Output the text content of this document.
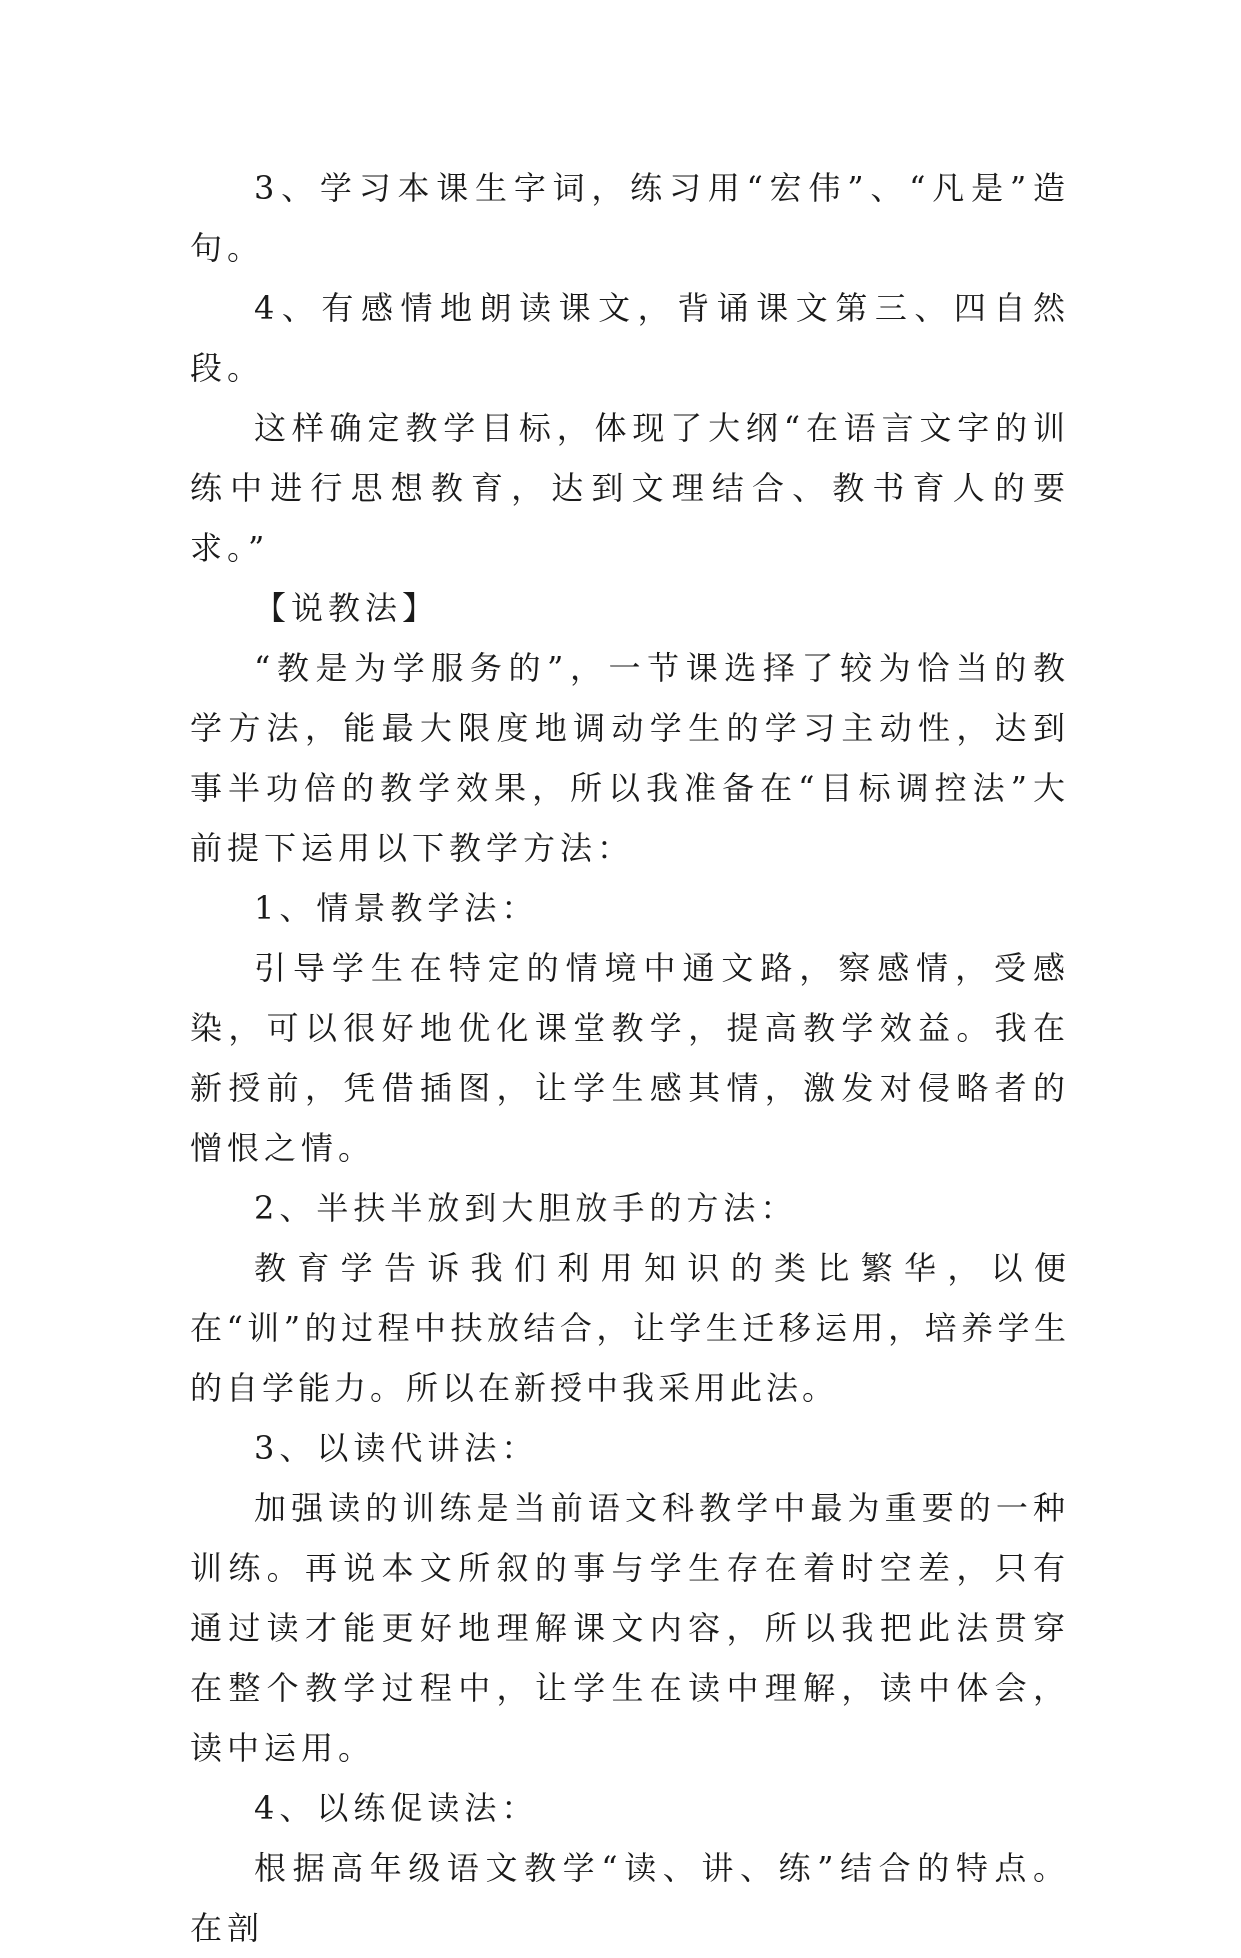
3、学习本课生字词，练习用“宏伟”、“凡是”造句。

4、有感情地朗读课文，背诵课文第三、四自然段。

这样确定教学目标，体现了大纲“在语言文字的训练中进行思想教育，达到文理结合、教书育人的要求。”

【说教法】

“教是为学服务的”，一节课选择了较为恰当的教学方法，能最大限度地调动学生的学习主动性，达到事半功倍的教学效果，所以我准备在“目标调控法”大前提下运用以下教学方法：

1、情景教学法：

引导学生在特定的情境中通文路，察感情，受感染，可以很好地优化课堂教学，提高教学效益。我在新授前，凭借插图，让学生感其情，激发对侵略者的憎恨之情。

2、半扶半放到大胆放手的方法：

教育学告诉我们利用知识的类比繁华，以便在“训”的过程中扶放结合，让学生迁移运用，培养学生的自学能力。所以在新授中我采用此法。

3、以读代讲法：

加强读的训练是当前语文科教学中最为重要的一种训练。再说本文所叙的事与学生存在着时空差，只有通过读才能更好地理解课文内容，所以我把此法贯穿在整个教学过程中，让学生在读中理解，读中体会，读中运用。

4、以练促读法：

根据高年级语文教学“读、讲、练”结合的特点。在剖
